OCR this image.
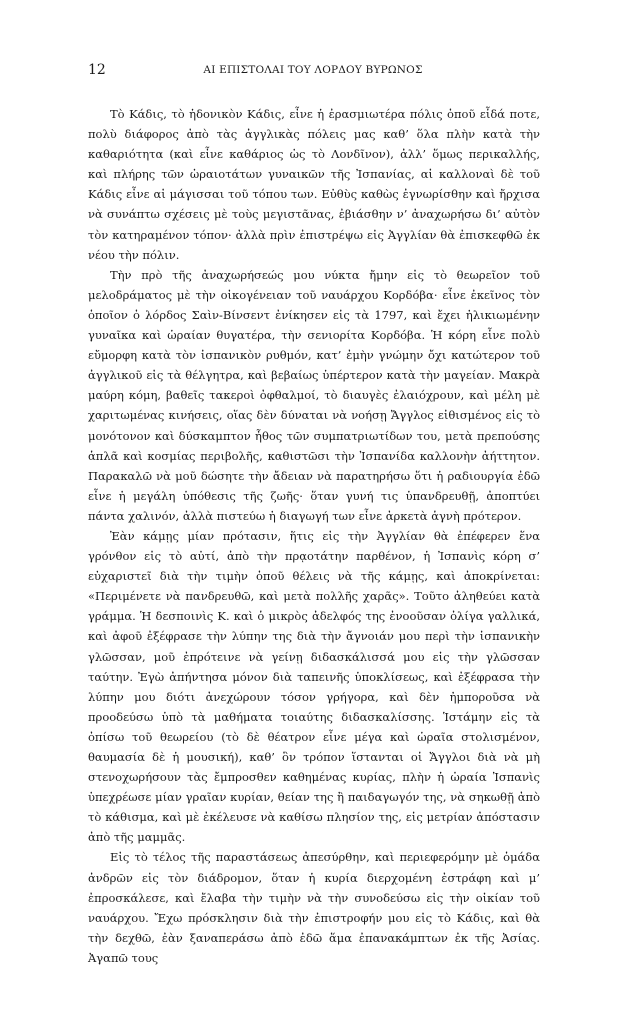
12	ΑΙ ΕΠΙΣΤΟΛΑΙ ΤΟΥ ΛΟΡΔΟΥ ΒΥΡΩΝΟΣ

Τὸ Κάδις, τὸ ἡδονικὸν Κάδις, εἶνε ἡ ἐρασμιωτέρα πόλις ὁποῦ εἶδά ποτε, πολὺ διάφορος ἀπὸ τὰς ἀγγλικὰς πόλεις μας καθ’ ὅλα πλὴν κατὰ τὴν καθαριότητα (καὶ εἶνε καθάριος ὡς τὸ Λονδῖνον), ἀλλ’ ὅμως περικαλλής, καὶ πλήρης τῶν ὡραιοτάτων γυναικῶν τῆς Ἰσπανίας, αἱ καλλοναὶ δὲ τοῦ Κάδις εἶνε αἱ μάγισσαι τοῦ τόπου των. Εὐθὺς καθὼς ἐγνωρίσθην καὶ ἤρχισα νὰ συνάπτω σχέσεις μὲ τοὺς μεγιστᾶνας, ἐβιάσθην ν’ ἀναχωρήσω δι’ αὐτὸν τὸν κατηραμένον τόπον· ἀλλὰ πρὶν ἐπιστρέψω εἰς Ἀγγλίαν θὰ ἐπισκεφθῶ ἐκ νέου τὴν πόλιν.

Τὴν πρὸ τῆς ἀναχωρήσεώς μου νύκτα ἤμην εἰς τὸ θεωρεῖον τοῦ μελοδράματος μὲ τὴν οἰκογένειαν τοῦ ναυάρχου Κορδόβα· εἶνε ἐκεῖνος τὸν ὁποῖον ὁ λόρδος Σαὶν-Βίνσεντ ἐνίκησεν εἰς τὰ 1797, καὶ ἔχει ἡλικιωμένην γυναῖκα καὶ ὡραίαν θυγατέρα, τὴν σενιορίτα Κορδόβα. Ἡ κόρη εἶνε πολὺ εὔμορφη κατὰ τὸν ἰσπανικὸν ρυθμόν, κατ’ ἐμὴν γνώμην ὄχι κατώτερον τοῦ ἀγγλικοῦ εἰς τὰ θέλγητρα, καὶ βεβαίως ὑπέρτερον κατὰ τὴν μαγείαν. Μακρὰ μαύρη κόμη, βαθεῖς τακεροὶ ὀφθαλμοί, τὸ διαυγὲς ἐλαιόχρουν, καὶ μέλη μὲ χαριτωμένας κινήσεις, οἵας δὲν δύναται νὰ νοήσῃ Ἄγγλος εἰθισμένος εἰς τὸ μονότονον καὶ δύσκαμπτον ἦθος τῶν συμπατριωτίδων του, μετὰ πρεπούσης ἁπλᾶ καὶ κοσμίας περιβολῆς, καθιστῶσι τὴν Ἰσπανίδα καλλονὴν ἀήττητον. Παρακαλῶ νὰ μοῦ δώσητε τὴν ἄδειαν νὰ παρατηρήσω ὅτι ἡ ραδιουργία ἐδῶ εἶνε ἡ μεγάλη ὑπόθεσις τῆς ζωῆς· ὅταν γυνή τις ὑπανδρευθῇ, ἀποπτύει πάντα χαλινόν, ἀλλὰ πιστεύω ἡ διαγωγή των εἶνε ἀρκετὰ ἁγνὴ πρότερον.

Ἐὰν κάμῃς μίαν πρότασιν, ἥτις εἰς τὴν Ἀγγλίαν θὰ ἐπέφερεν ἕνα γρόνθον εἰς τὸ αὐτί, ἀπὸ τὴν πρᾳοτάτην παρθένον, ἡ Ἰσπανὶς κόρη σ’ εὐχαριστεῖ διὰ τὴν τιμὴν ὁποῦ θέλεις νὰ τῆς κάμῃς, καὶ ἀποκρίνεται: «Περιμένετε νὰ πανδρευθῶ, καὶ μετὰ πολλῆς χαρᾶς». Τοῦτο ἀληθεύει κατὰ γράμμα. Ἡ δεσποινὶς Κ. καὶ ὁ μικρὸς ἀδελφός της ἐνοοῦσαν ὀλίγα γαλλικά, καὶ ἀφοῦ ἐξέφρασε τὴν λύπην της διὰ τὴν ἄγνοιάν μου περὶ τὴν ἰσπανικὴν γλῶσσαν, μοῦ ἐπρότεινε νὰ γείνῃ διδασκάλισσά μου εἰς τὴν γλῶσσαν ταύτην. Ἐγὼ ἀπήντησα μόνον διὰ ταπεινῆς ὑποκλίσεως, καὶ ἐξέφρασα τὴν λύπην μου διότι ἀνεχώρουν τόσον γρήγορα, καὶ δὲν ἠμποροῦσα νὰ προοδεύσω ὑπὸ τὰ μαθήματα τοιαύτης διδασκαλίσσης. Ἱστάμην εἰς τὰ ὀπίσω τοῦ θεωρείου (τὸ δὲ θέατρον εἶνε μέγα καὶ ὡραῖα στολισμένον, θαυμασία δὲ ἡ μουσική), καθ’ ὃν τρόπον ἵστανται οἱ Ἄγγλοι διὰ νὰ μὴ στενοχωρήσουν τὰς ἔμπροσθεν καθημένας κυρίας, πλὴν ἡ ὡραία Ἰσπανὶς ὑπεχρέωσε μίαν γραῖαν κυρίαν, θείαν της ἢ παιδαγωγόν της, νὰ σηκωθῇ ἀπὸ τὸ κάθισμα, καὶ μὲ ἐκέλευσε νὰ καθίσω πλησίον της, εἰς μετρίαν ἀπόστασιν ἀπὸ τῆς μαμμᾶς.

Εἰς τὸ τέλος τῆς παραστάσεως ἀπεσύρθην, καὶ περιεφερόμην μὲ ὁμάδα ἀνδρῶν εἰς τὸν διάδρομον, ὅταν ἡ κυρία διερχομένη ἐστράφη καὶ μ’ ἐπροσκάλεσε, καὶ ἔλαβα τὴν τιμὴν νὰ τὴν συνοδεύσω εἰς τὴν οἰκίαν τοῦ ναυάρχου. Ἔχω πρόσκλησιν διὰ τὴν ἐπιστροφήν μου εἰς τὸ Κάδις, καὶ θὰ τὴν δεχθῶ, ἐὰν ξαναπεράσω ἀπὸ ἐδῶ ἅμα ἐπανακάμπτων ἐκ τῆς Ἀσίας. Ἀγαπῶ τους
